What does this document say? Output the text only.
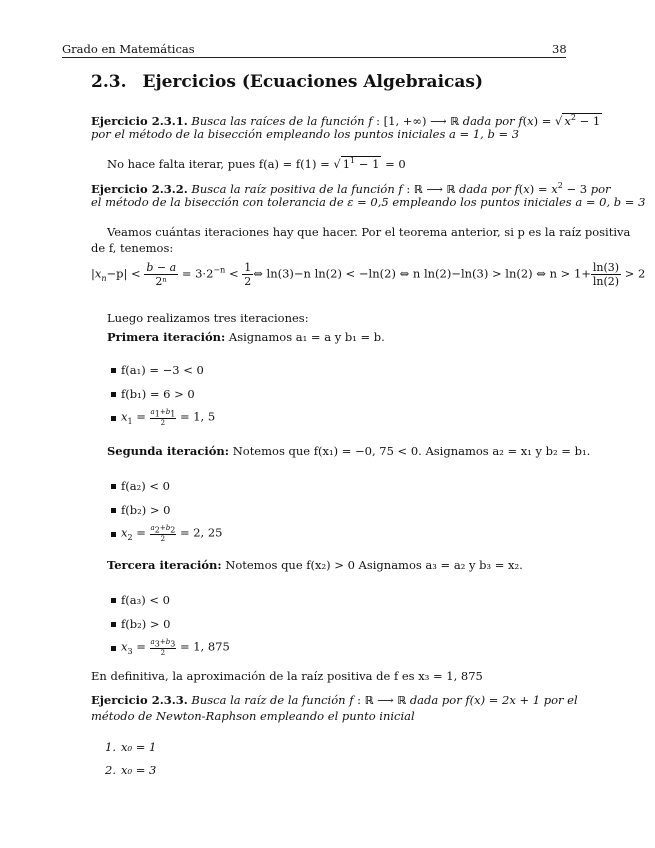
Grado en Matemáticas	38
2.3. Ejercicios (Ecuaciones Algebraicas)
Ejercicio 2.3.1. Busca las raíces de la función f : [1, +∞) ⟶ ℝ dada por f(x) = √ $x^2 - 1$
por el método de la bisección empleando los puntos iniciales a = 1, b = 3
No hace falta iterar, pues f(a) = f(1) = √ $1^1 - 1 = 0$
Ejercicio 2.3.2. Busca la raíz positiva de la función f : ℝ ⟶ ℝ dada por $f(x) = x^2 - 3$ por
el método de la bisección con tolerancia de ε = 0,5 empleando los puntos iniciales a = 0, b = 3
Veamos cuántas iteraciones hay que hacer. Por el teorema anterior, si p es la raíz positiva
de f, tenemos:
$|x_n-p| < \frac{b - a}{\text{2ⁿ}} = 3\cdot 2^{-n} < \frac{1}{2}$ ⇔ ln(3)−n ln(2) < −ln(2) ⇔ n ln(2)−ln(3) > ln(2) ⇔ $n > 1+ \frac{\ln(3)}{\ln(2)} > 2$
Luego realizamos tres iteraciones:
Primera iteración: Asignamos a₁ = a y b₁ = b.
f(a₁) = −3 < 0
f(b₁) = 6 > 0
$x_1 = \frac{a_1+b_1}{2} = 1$, 5
Segunda iteración: Notemos que f(x₁) = −0, 75 < 0. Asignamos a₂ = x₁ y b₂ = b₁.
f(a₂) < 0
f(b₂) > 0
$x_2 = \frac{a_2+b_2}{2} = 2$, 25
Tercera iteración: Notemos que f(x₂) > 0 Asignamos a₃ = a₂ y b₃ = x₂.
f(a₃) < 0
f(b₂) > 0
$x_3 = \frac{a_3+b_3}{2} = 1$, 875
En definitiva, la aproximación de la raíz positiva de f es x₃ = 1, 875
Ejercicio 2.3.3. Busca la raíz de la función f : ℝ ⟶ ℝ dada por f(x) = 2x + 1 por el
método de Newton-Raphson empleando el punto inicial
1. x₀ = 1
2. x₀ = 3
